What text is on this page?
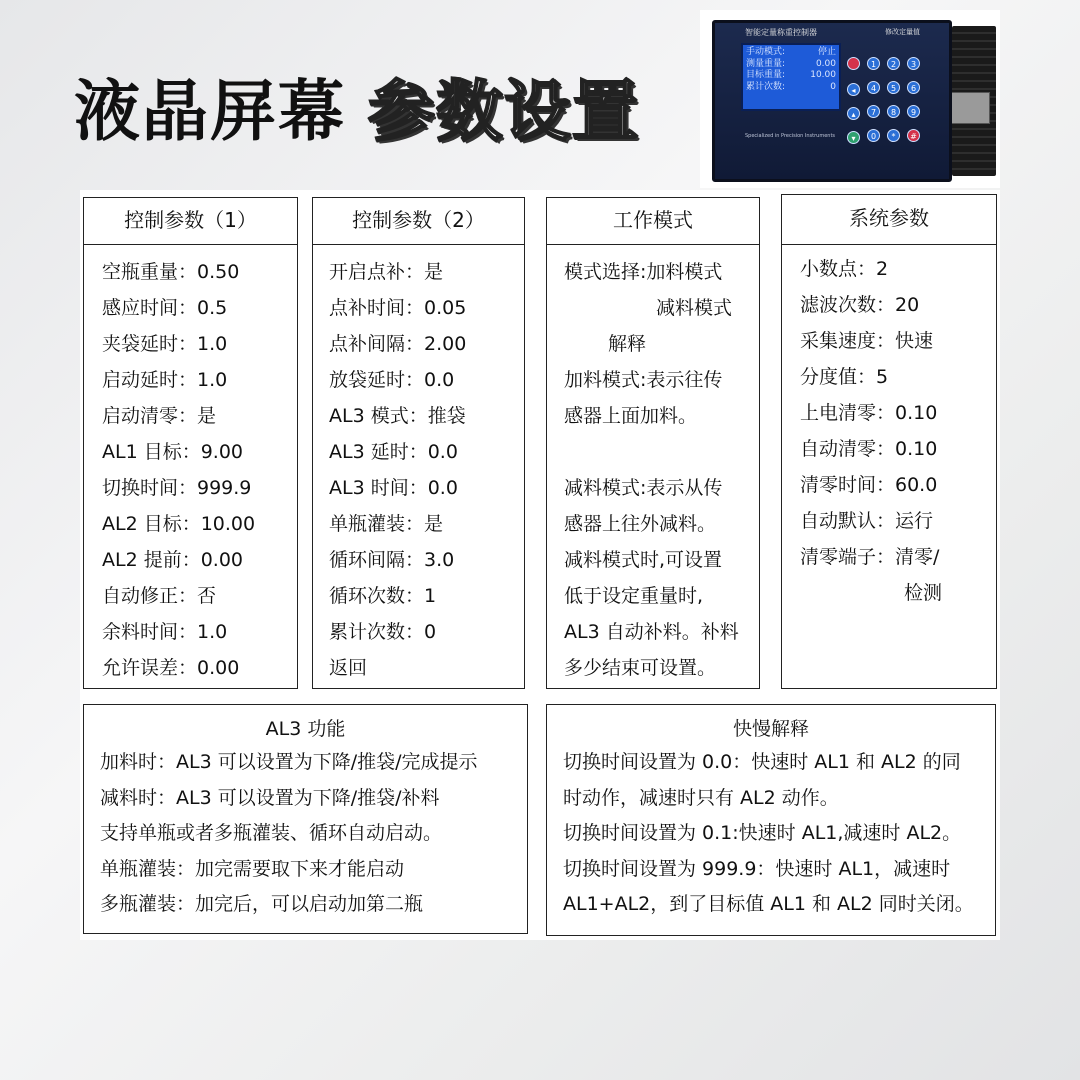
液晶屏幕 参数设置
智能定量称重控制器	修改定量值
手动模式:	停止
测量重量:	0.00
目标重量:	10.00
累计次数:	0
Specialized in Precision Instruments
◂
▴
▾
1	2	3
4	5	6
7	8	9
0	*	#
控制参数（1）
空瓶重量：0.50
感应时间：0.5
夹袋延时：1.0
启动延时：1.0
启动清零：是
AL1 目标：9.00
切换时间：999.9
AL2 目标：10.00
AL2 提前：0.00
自动修正：否
余料时间：1.0
允许误差：0.00
控制参数（2）
开启点补：是
点补时间：0.05
点补间隔：2.00
放袋延时：0.0
AL3 模式：推袋
AL3 延时：0.0
AL3 时间：0.0
单瓶灌装：是
循环间隔：3.0
循环次数：1
累计次数：0
返回
工作模式
模式选择:加料模式
减料模式
解释
加料模式:表示往传
感器上面加料。
减料模式:表示从传
感器上往外减料。
减料模式时,可设置
低于设定重量时,
AL3 自动补料。补料
多少结束可设置。
系统参数
小数点：2
滤波次数：20
采集速度：快速
分度值：5
上电清零：0.10
自动清零：0.10
清零时间：60.0
自动默认：运行
清零端子：清零/
检测
AL3 功能
加料时：AL3 可以设置为下降/推袋/完成提示
减料时：AL3 可以设置为下降/推袋/补料
支持单瓶或者多瓶灌装、循环自动启动。
单瓶灌装：加完需要取下来才能启动
多瓶灌装：加完后，可以启动加第二瓶
快慢解释
切换时间设置为 0.0：快速时 AL1 和 AL2 的同
时动作，减速时只有 AL2 动作。
切换时间设置为 0.1:快速时 AL1,减速时 AL2。
切换时间设置为 999.9：快速时 AL1，减速时
AL1+AL2，到了目标值 AL1 和 AL2 同时关闭。
